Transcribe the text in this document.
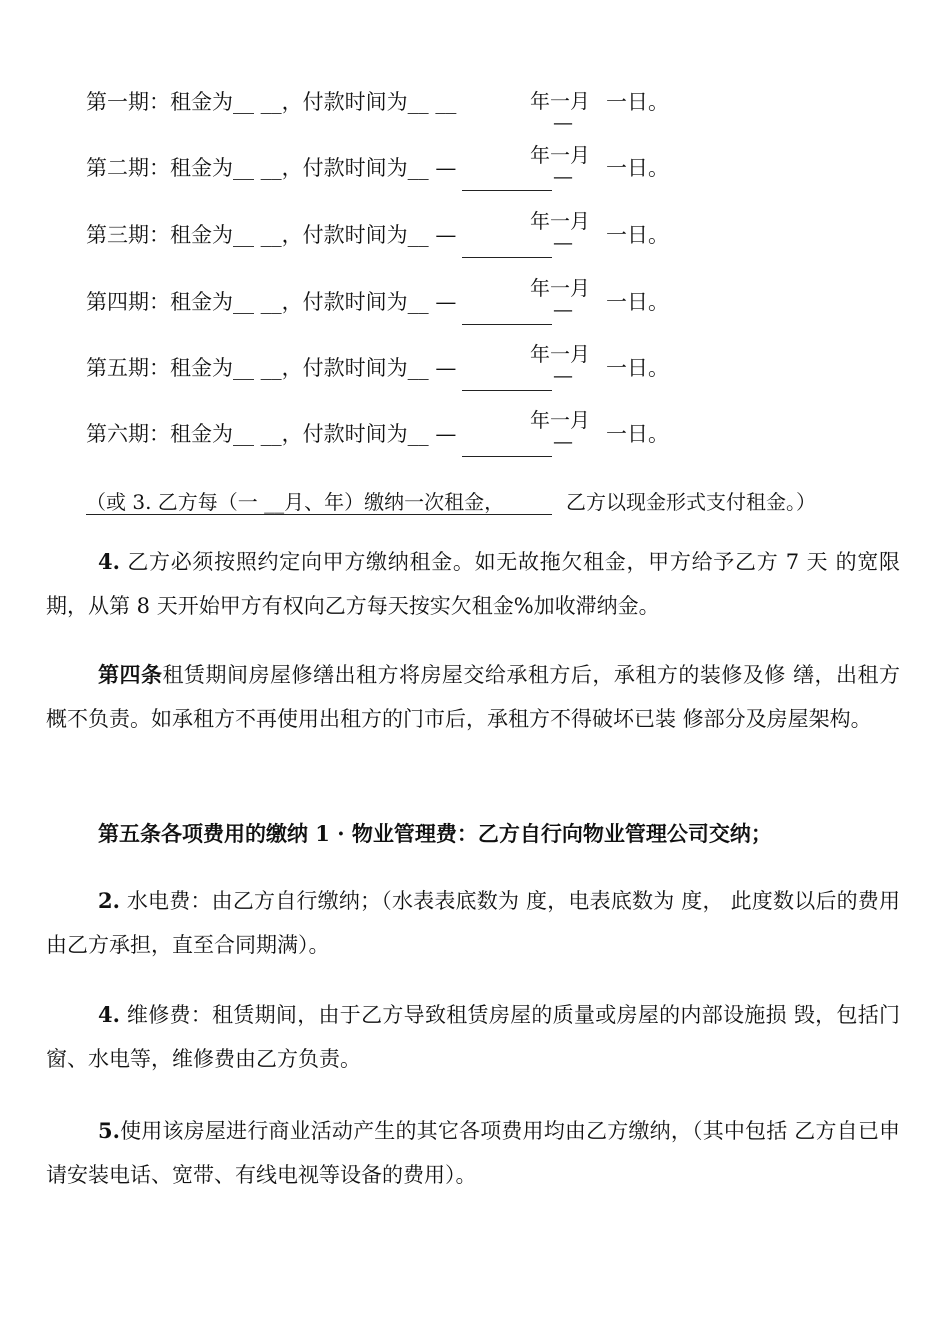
第一期：租金为__ __，付款时间为__ __	年一月
—
一日。
第二期：租金为__ __，付款时间为__ —
年一月
— 一日。
第三期：租金为__ __，付款时间为__ —
年一月
— 一日。
第四期：租金为__ __，付款时间为__ —
年一月
— 一日。
第五期：租金为__ __，付款时间为__ —
年一月
— 一日。
第六期：租金为__ __，付款时间为__ —
年一月
— 一日。
（或 3. 乙方每（一 __月、年）缴纳一次租金，	乙方以现金形式支付租金。）
4. 乙方必须按照约定向甲方缴纳租金。如无故拖欠租金，甲方给予乙方 7 天 的宽限期，从第 8 天开始甲方有权向乙方每天按实欠租金%加收滞纳金。
第四条租赁期间房屋修缮出租方将房屋交给承租方后，承租方的装修及修 缮，出租方概不负责。如承租方不再使用出租方的门市后，承租方不得破坏已装 修部分及房屋架构。
第五条各项费用的缴纳 1 · 物业管理费：乙方自行向物业管理公司交纳；
2. 水电费：由乙方自行缴纳；（水表表底数为 度，电表底数为 度， 此度数以后的费用由乙方承担，直至合同期满）。
4. 维修费：租赁期间，由于乙方导致租赁房屋的质量或房屋的内部设施损 毁，包括门窗、水电等，维修费由乙方负责。
5.使用该房屋进行商业活动产生的其它各项费用均由乙方缴纳，（其中包括 乙方自已申请安装电话、宽带、有线电视等设备的费用）。
